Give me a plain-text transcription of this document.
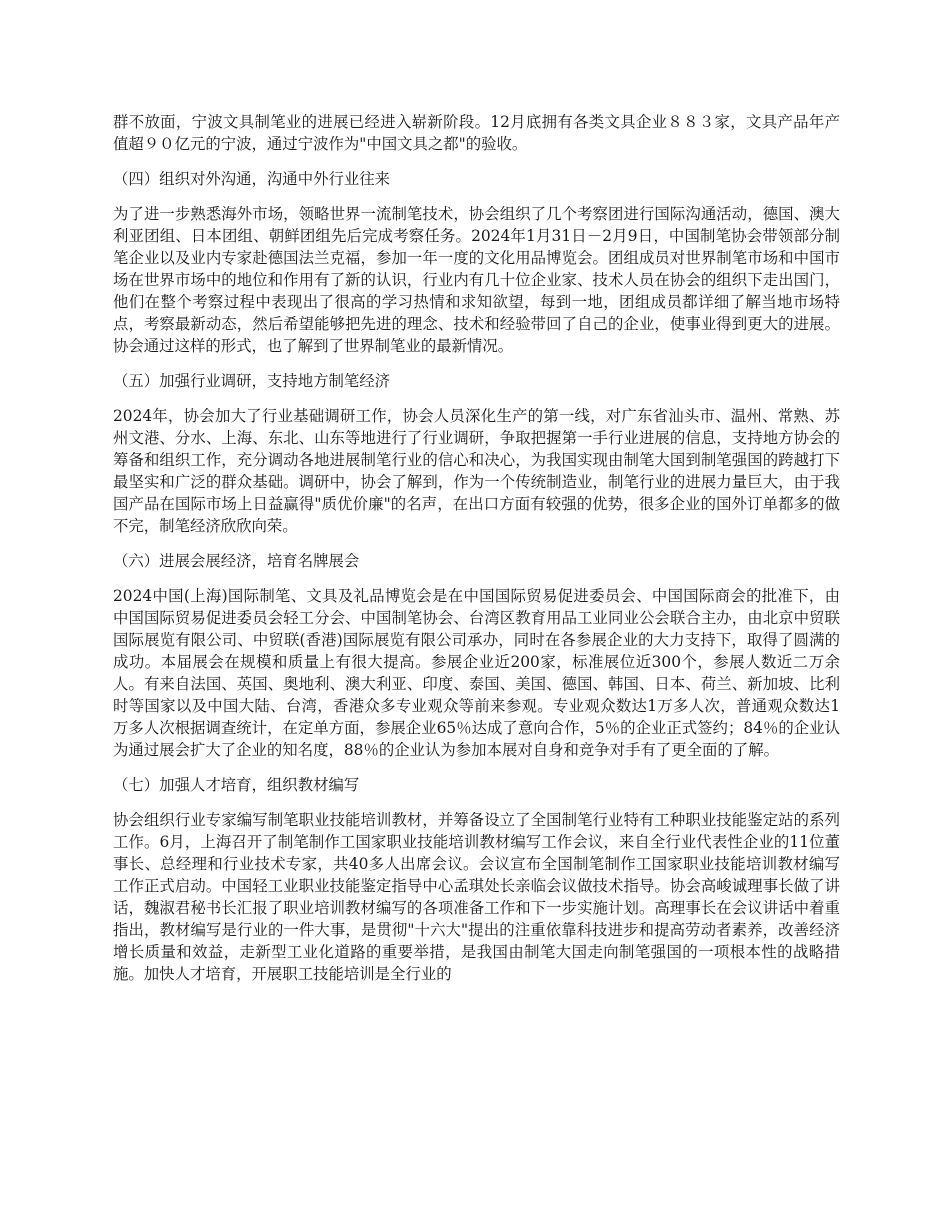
群不放面，宁波文具制笔业的进展已经进入崭新阶段。12月底拥有各类文具企业８８３家，文具产品年产值超９０亿元的宁波，通过宁波作为"中国文具之都"的验收。

（四）组织对外沟通，沟通中外行业往来

为了进一步熟悉海外市场，领略世界一流制笔技术，协会组织了几个考察团进行国际沟通活动，德国、澳大利亚团组、日本团组、朝鲜团组先后完成考察任务。2024年1月31日－2月9日，中国制笔协会带领部分制笔企业以及业内专家赴德国法兰克福，参加一年一度的文化用品博览会。团组成员对世界制笔市场和中国市场在世界市场中的地位和作用有了新的认识，行业内有几十位企业家、技术人员在协会的组织下走出国门，他们在整个考察过程中表现出了很高的学习热情和求知欲望，每到一地，团组成员都详细了解当地市场特点，考察最新动态，然后希望能够把先进的理念、技术和经验带回了自己的企业，使事业得到更大的进展。协会通过这样的形式，也了解到了世界制笔业的最新情况。

（五）加强行业调研，支持地方制笔经济

2024年，协会加大了行业基础调研工作，协会人员深化生产的第一线，对广东省汕头市、温州、常熟、苏州文港、分水、上海、东北、山东等地进行了行业调研，争取把握第一手行业进展的信息，支持地方协会的筹备和组织工作，充分调动各地进展制笔行业的信心和决心，为我国实现由制笔大国到制笔强国的跨越打下最坚实和广泛的群众基础。调研中，协会了解到，作为一个传统制造业，制笔行业的进展力量巨大，由于我国产品在国际市场上日益赢得"质优价廉"的名声，在出口方面有较强的优势，很多企业的国外订单都多的做不完，制笔经济欣欣向荣。

（六）进展会展经济，培育名牌展会

2024中国(上海)国际制笔、文具及礼品博览会是在中国国际贸易促进委员会、中国国际商会的批准下，由中国国际贸易促进委员会轻工分会、中国制笔协会、台湾区教育用品工业同业公会联合主办，由北京中贸联国际展览有限公司、中贸联(香港)国际展览有限公司承办，同时在各参展企业的大力支持下，取得了圆满的成功。本届展会在规模和质量上有很大提高。参展企业近200家，标准展位近300个，参展人数近二万余人。有来自法国、英国、奥地利、澳大利亚、印度、泰国、美国、德国、韩国、日本、荷兰、新加坡、比利时等国家以及中国大陆、台湾，香港众多专业观众等前来参观。专业观众数达1万多人次，普通观众数达1万多人次根据调查统计，在定单方面，参展企业65％达成了意向合作，5％的企业正式签约；84％的企业认为通过展会扩大了企业的知名度，88％的企业认为参加本展对自身和竞争对手有了更全面的了解。

（七）加强人才培育，组织教材编写

协会组织行业专家编写制笔职业技能培训教材，并筹备设立了全国制笔行业特有工种职业技能鉴定站的系列工作。6月，上海召开了制笔制作工国家职业技能培训教材编写工作会议，来自全行业代表性企业的11位董事长、总经理和行业技术专家，共40多人出席会议。会议宣布全国制笔制作工国家职业技能培训教材编写工作正式启动。中国轻工业职业技能鉴定指导中心孟琪处长亲临会议做技术指导。协会高峻诚理事长做了讲话，魏淑君秘书长汇报了职业培训教材编写的各项准备工作和下一步实施计划。高理事长在会议讲话中着重指出，教材编写是行业的一件大事，是贯彻"十六大"提出的注重依靠科技进步和提高劳动者素养，改善经济增长质量和效益，走新型工业化道路的重要举措，是我国由制笔大国走向制笔强国的一项根本性的战略措施。加快人才培育，开展职工技能培训是全行业的
